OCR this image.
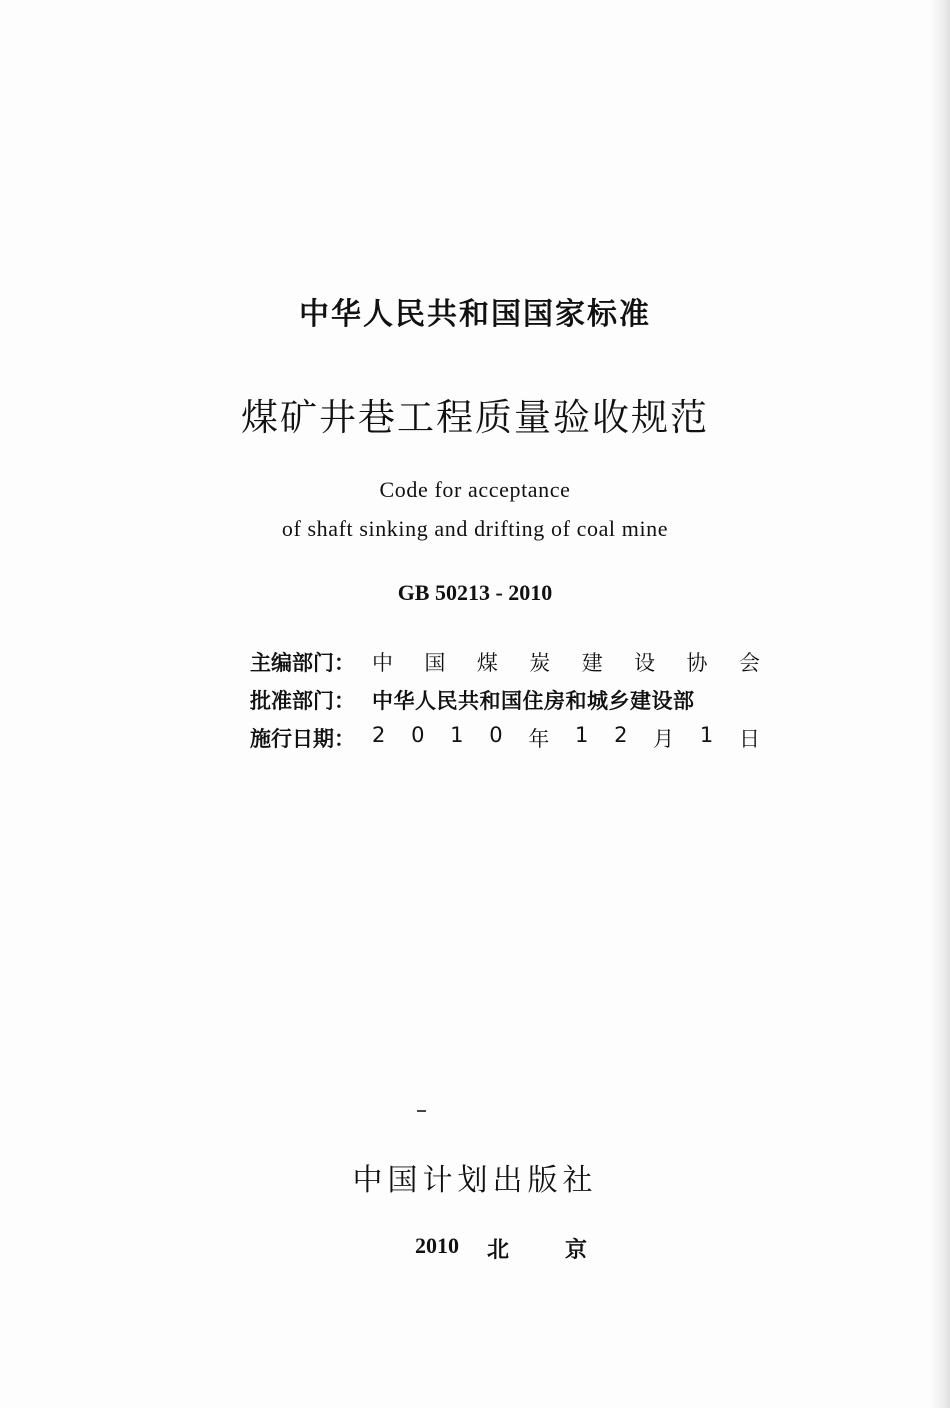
中华人民共和国国家标准
煤矿井巷工程质量验收规范
Code for acceptance
of shaft sinking and drifting of coal mine
GB 50213 - 2010
主编部门： 中 国 煤 炭 建 设 协 会
批准部门： 中华人民共和国住房和城乡建设部
施行日期： 2 0 1 0 年 1 2 月 1 日
中国计划出版社
2010 北	京
